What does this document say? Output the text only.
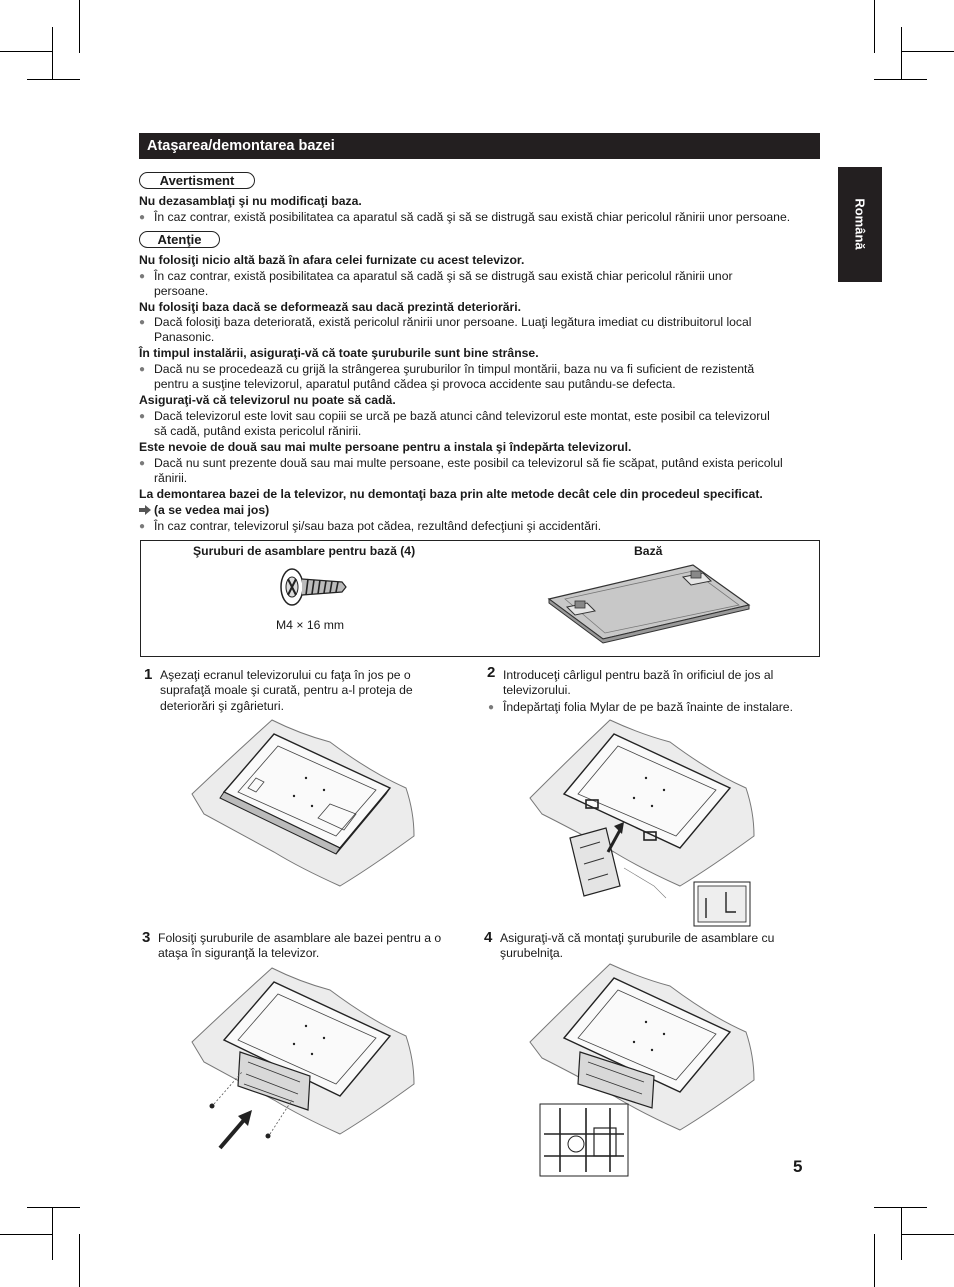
Ataşarea/demontarea bazei
Română
Avertisment
Nu dezasamblaţi şi nu modificaţi baza.
● În caz contrar, există posibilitatea ca aparatul să cadă şi să se distrugă sau există chiar pericolul rănirii unor persoane.
Atenţie
Nu folosiţi nicio altă bază în afara celei furnizate cu acest televizor.
● În caz contrar, există posibilitatea ca aparatul să cadă şi să se distrugă sau există chiar pericolul rănirii unor
persoane.
Nu folosiţi baza dacă se deformează sau dacă prezintă deteriorări.
● Dacă folosiţi baza deteriorată, există pericolul rănirii unor persoane. Luaţi legătura imediat cu distribuitorul local
Panasonic.
În timpul instalării, asiguraţi-vă că toate şuruburile sunt bine strânse.
● Dacă nu se procedează cu grijă la strângerea şuruburilor în timpul montării, baza nu va fi suficient de rezistentă
pentru a susţine televizorul, aparatul putând cădea şi provoca accidente sau putându-se defecta.
Asiguraţi-vă că televizorul nu poate să cadă.
● Dacă televizorul este lovit sau copiii se urcă pe bază atunci când televizorul este montat, este posibil ca televizorul
să cadă, putând exista pericolul rănirii.
Este nevoie de două sau mai multe persoane pentru a instala şi îndepărta televizorul.
● Dacă nu sunt prezente două sau mai multe persoane, este posibil ca televizorul să fie scăpat, putând exista pericolul
rănirii.
La demontarea bazei de la televizor, nu demontaţi baza prin alte metode decât cele din procedeul specificat.
(a se vedea mai jos)
● În caz contrar, televizorul şi/sau baza pot cădea, rezultând defecţiuni şi accidentări.
Şuruburi de asamblare pentru bază (4)	Bază
M4 × 16 mm
1 Aşezaţi ecranul televizorului cu faţa în jos pe o
suprafaţă moale şi curată, pentru a-l proteja de
deteriorări şi zgârieturi.
2 Introduceţi cârligul pentru bază în orificiul de jos al
televizorului.
● Îndepărtaţi folia Mylar de pe bază înainte de instalare.
3 Folosiţi şuruburile de asamblare ale bazei pentru a o
ataşa în siguranţă la televizor.
4 Asiguraţi-vă că montaţi şuruburile de asamblare cu
şurubelniţa.
5
